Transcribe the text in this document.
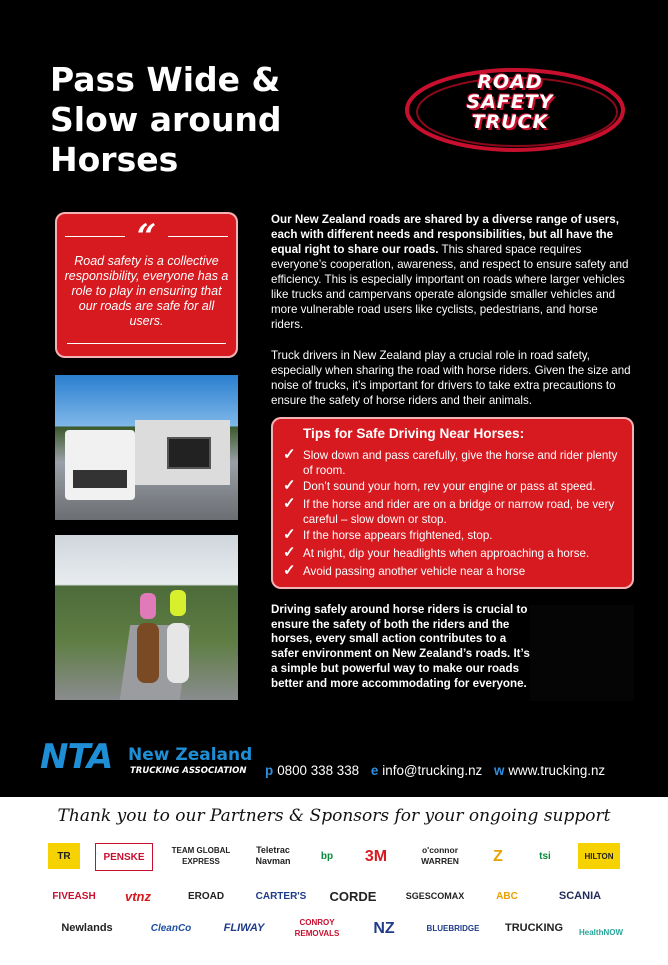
Pass Wide &
Slow around
Horses
ROAD
SAFETY
TRUCK
“
Road safety is a collective responsibility, everyone has a role to play in ensuring that our roads are safe for all users.

Our New Zealand roads are shared by a diverse range of users, each with different needs and responsibilities, but all have the equal right to share our roads. This shared space requires everyone’s cooperation, awareness, and respect to ensure safety and efficiency. This is especially important on roads where larger vehicles like trucks and campervans operate alongside smaller vehicles and more vulnerable road users like cyclists, pedestrians, and horse riders.

Truck drivers in New Zealand play a crucial role in road safety, especially when sharing the road with horse riders. Given the size and noise of trucks, it’s important for drivers to take extra precautions to ensure the safety of horse riders and their animals.

Tips for Safe Driving Near Horses:
✓ Slow down and pass carefully, give the horse and rider plenty of room.
✓ Don’t sound your horn, rev your engine or pass at speed.
✓ If the horse and rider are on a bridge or narrow road, be very careful – slow down or stop.
✓ If the horse appears frightened, stop.
✓ At night, dip your headlights when approaching a horse.
✓ Avoid passing another vehicle near a horse
Driving safely around horse riders is crucial to ensure the safety of both the riders and the horses, every small action contributes to a safer environment on New Zealand’s roads. It’s a simple but powerful way to make our roads better and more accommodating for everyone.
NTA New Zealand
TRUCKING ASSOCIATION p 0800 338 338 e info@trucking.nz w www.trucking.nz
Thank you to our Partners & Sponsors for your ongoing support
TR	PENSKE
TEAM GLOBAL EXPRESS
Teletrac Navman	bp	3M	o'connor WARREN	Z	tsi	HILTON
FIVEASH	vtnz	EROAD	CARTER'S	CORDE	SGESCOMAX	ABC	SCANIA
Newlands	CleanCo	FLIWAY	CONROY REMOVALS	NZ	BLUEBRIDGE	TRUCKING	HealthNOW
